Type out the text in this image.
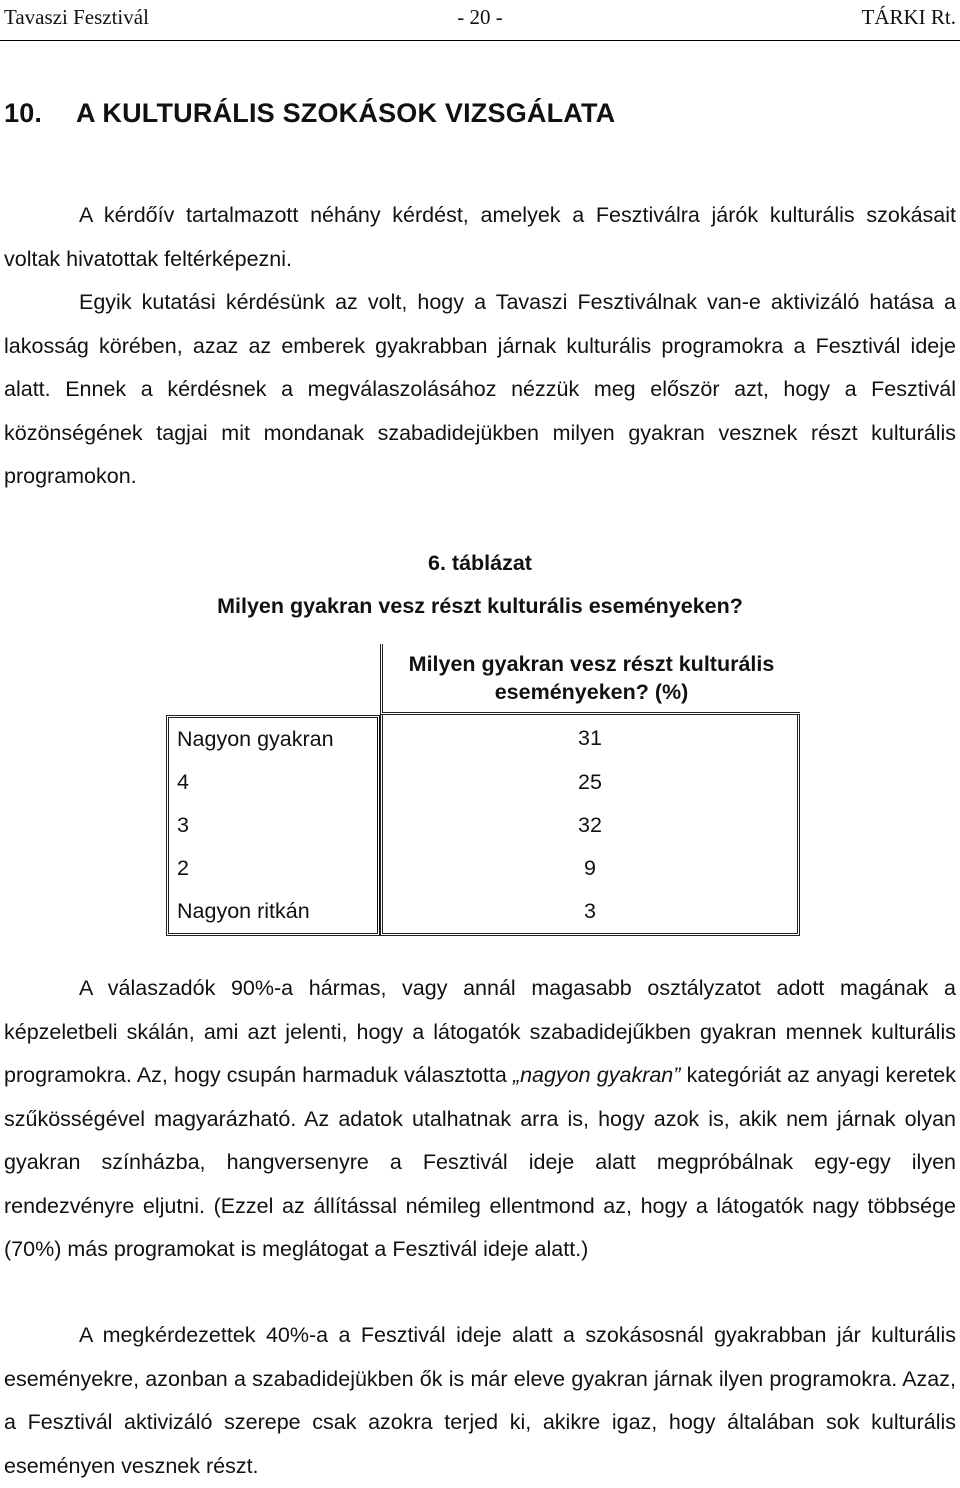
Tavaszi Fesztivál	- 20 -	TÁRKI Rt.
10. A KULTURÁLIS SZOKÁSOK VIZSGÁLATA

A kérdőív tartalmazott néhány kérdést, amelyek a Fesztiválra járók kulturális szokásait voltak hivatottak feltérképezni.

Egyik kutatási kérdésünk az volt, hogy a Tavaszi Fesztiválnak van-e aktivizáló hatása a lakosság körében, azaz az emberek gyakrabban járnak kulturális programokra a Fesztivál ideje alatt. Ennek a kérdésnek a megválaszolásához nézzük meg először azt, hogy a Fesztivál közönségének tagjai mit mondanak szabadidejükben milyen gyakran vesznek részt kulturális programokon.

6. táblázat

Milyen gyakran vesz részt kulturális eseményeken?

	Milyen gyakran vesz részt kulturális eseményeken? (%)
Nagyon gyakran	31
4	25
3	32
2	9
Nagyon ritkán	3

A válaszadók 90%-a hármas, vagy annál magasabb osztályzatot adott magának a képzeletbeli skálán, ami azt jelenti, hogy a látogatók szabadidejűkben gyakran mennek kulturális programokra. Az, hogy csupán harmaduk választotta „nagyon gyakran” kategóriát az anyagi keretek szűkösségével magyarázható. Az adatok utalhatnak arra is, hogy azok is, akik nem járnak olyan gyakran színházba, hangversenyre a Fesztivál ideje alatt megpróbálnak egy-egy ilyen rendezvényre eljutni. (Ezzel az állítással némileg ellentmond az, hogy a látogatók nagy többsége (70%) más programokat is meglátogat a Fesztivál ideje alatt.)

A megkérdezettek 40%-a a Fesztivál ideje alatt a szokásosnál gyakrabban jár kulturális eseményekre, azonban a szabadidejükben ők is már eleve gyakran járnak ilyen programokra. Azaz, a Fesztivál aktivizáló szerepe csak azokra terjed ki, akikre igaz, hogy általában sok kulturális eseményen vesznek részt.
